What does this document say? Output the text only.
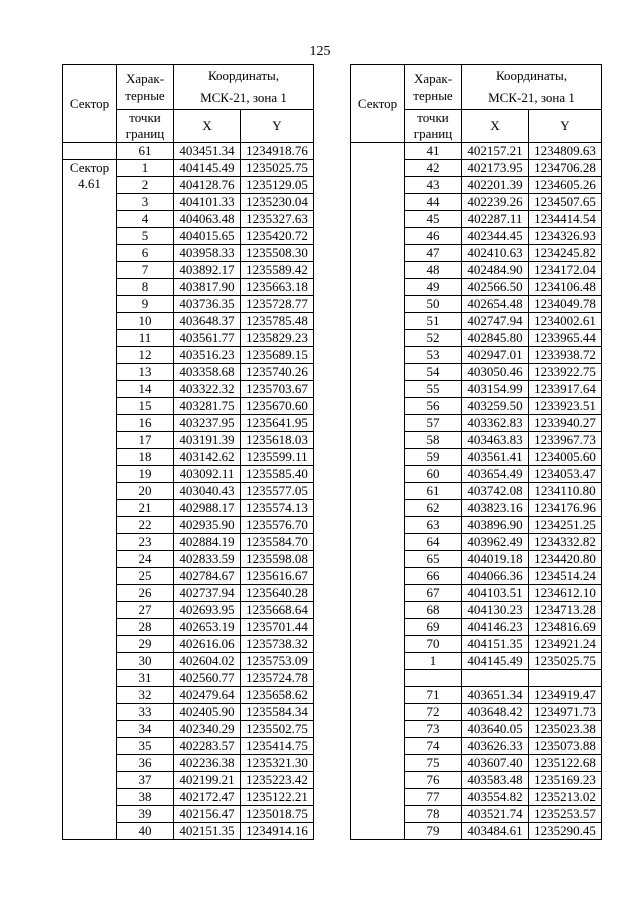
125
Сектор	Харак-
терные	Координаты,
МСК-21, зона 1	

	точки
границ	X	Y
	61	403451.34	1234918.76
Сектор
4.61	1	404145.49	1235025.75
	2	404128.76	1235129.05
	3	404101.33	1235230.04
	4	404063.48	1235327.63
	5	404015.65	1235420.72
	6	403958.33	1235508.30
	7	403892.17	1235589.42
	8	403817.90	1235663.18
	9	403736.35	1235728.77
	10	403648.37	1235785.48
	11	403561.77	1235829.23
	12	403516.23	1235689.15
	13	403358.68	1235740.26
	14	403322.32	1235703.67
	15	403281.75	1235670.60
	16	403237.95	1235641.95
	17	403191.39	1235618.03
	18	403142.62	1235599.11
	19	403092.11	1235585.40
	20	403040.43	1235577.05
	21	402988.17	1235574.13
	22	402935.90	1235576.70
	23	402884.19	1235584.70
	24	402833.59	1235598.08
	25	402784.67	1235616.67
	26	402737.94	1235640.28
	27	402693.95	1235668.64
	28	402653.19	1235701.44
	29	402616.06	1235738.32
	30	402604.02	1235753.09
	31	402560.77	1235724.78
	32	402479.64	1235658.62
	33	402405.90	1235584.34
	34	402340.29	1235502.75
	35	402283.57	1235414.75
	36	402236.38	1235321.30
	37	402199.21	1235223.42
	38	402172.47	1235122.21
	39	402156.47	1235018.75
	40	402151.35	1234914.16
Сектор	Харак-
терные	Координаты,
МСК-21, зона 1	

	точки
границ	X	Y
	41	402157.21	1234809.63
	42	402173.95	1234706.28
	43	402201.39	1234605.26
	44	402239.26	1234507.65
	45	402287.11	1234414.54
	46	402344.45	1234326.93
	47	402410.63	1234245.82
	48	402484.90	1234172.04
	49	402566.50	1234106.48
	50	402654.48	1234049.78
	51	402747.94	1234002.61
	52	402845.80	1233965.44
	53	402947.01	1233938.72
	54	403050.46	1233922.75
	55	403154.99	1233917.64
	56	403259.50	1233923.51
	57	403362.83	1233940.27
	58	403463.83	1233967.73
	59	403561.41	1234005.60
	60	403654.49	1234053.47
	61	403742.08	1234110.80
	62	403823.16	1234176.96
	63	403896.90	1234251.25
	64	403962.49	1234332.82
	65	404019.18	1234420.80
	66	404066.36	1234514.24
	67	404103.51	1234612.10
	68	404130.23	1234713.28
	69	404146.23	1234816.69
	70	404151.35	1234921.24
	1	404145.49	1235025.75

	71	403651.34	1234919.47
	72	403648.42	1234971.73
	73	403640.05	1235023.38
	74	403626.33	1235073.88
	75	403607.40	1235122.68
	76	403583.48	1235169.23
	77	403554.82	1235213.02
	78	403521.74	1235253.57
	79	403484.61	1235290.45
